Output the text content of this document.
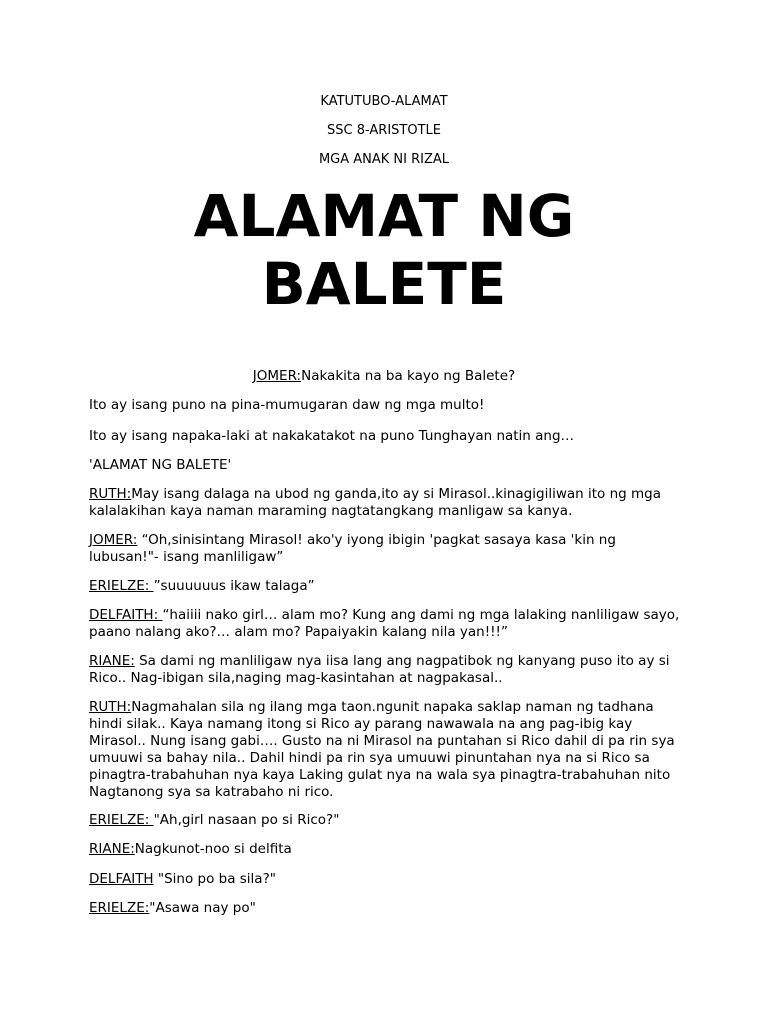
KATUTUBO-ALAMAT

SSC 8-ARISTOTLE

MGA ANAK NI RIZAL

ALAMAT NG
BALETE

JOMER:Nakakita na ba kayo ng Balete?

Ito ay isang puno na pina-mumugaran daw ng mga multo!

Ito ay isang napaka-laki at nakakatakot na puno Tunghayan natin ang…

'ALAMAT NG BALETE'

RUTH:May isang dalaga na ubod ng ganda,ito ay si Mirasol..kinagigiliwan ito ng mga kalalakihan kaya naman maraming nagtatangkang manligaw sa kanya.

JOMER: “Oh,sinisintang Mirasol! ako'y iyong ibigin 'pagkat sasaya kasa 'kin ng lubusan!"- isang manliligaw”

ERIELZE: ”suuuuuus ikaw talaga”

DELFAITH: “haiiii nako girl… alam mo? Kung ang dami ng mga lalaking nanliligaw sayo, paano nalang ako?… alam mo? Papaiyakin kalang nila yan!!!”

RIANE: Sa dami ng manliligaw nya iisa lang ang nagpatibok ng kanyang puso ito ay si Rico.. Nag-ibigan sila,naging mag-kasintahan at nagpakasal..

RUTH:Nagmahalan sila ng ilang mga taon.ngunit napaka saklap naman ng tadhana hindi silak.. Kaya namang itong si Rico ay parang nawawala na ang pag-ibig kay Mirasol.. Nung isang gabi…. Gusto na ni Mirasol na puntahan si Rico dahil di pa rin sya umuuwi sa bahay nila.. Dahil hindi pa rin sya umuuwi pinuntahan nya na si Rico sa pinagtra-trabahuhan nya kaya Laking gulat nya na wala sya pinagtra-trabahuhan nito Nagtanong sya sa katrabaho ni rico.

ERIELZE: "Ah,girl nasaan po si Rico?"

RIANE:Nagkunot-noo si delfita

DELFAITH "Sino po ba sila?"

ERIELZE:"Asawa nay po"
